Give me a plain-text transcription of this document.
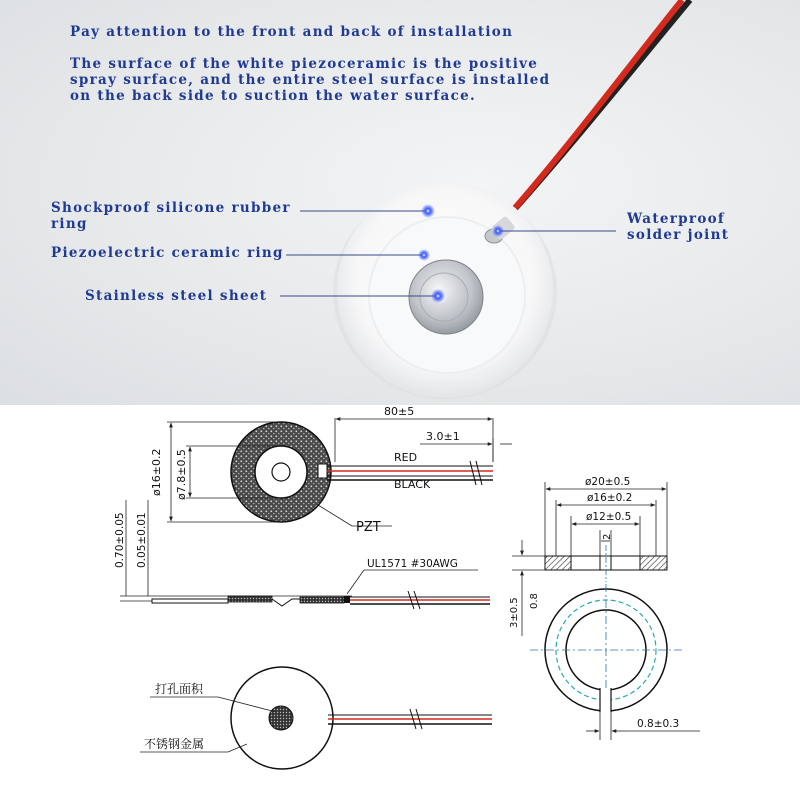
Pay attention to the front and back of installation
The surface of the white piezoceramic is the positive
spray surface, and the entire steel surface is installed
on the back side to suction the water surface.
Shockproof silicone rubber
ring
Piezoelectric ceramic ring
Stainless steel sheet
Waterproof
solder joint
80±5
3.0±1
RED
BLACK
ø16±0.2 ø7.8±0.5
PZT
0.70±0.05 0.05±0.01	UL1571 #30AWG
打孔面积
不锈钢金属
ø20±0.5
ø16±0.2
ø12±0.5
2
3±0.5 0.8
0.8±0.3
